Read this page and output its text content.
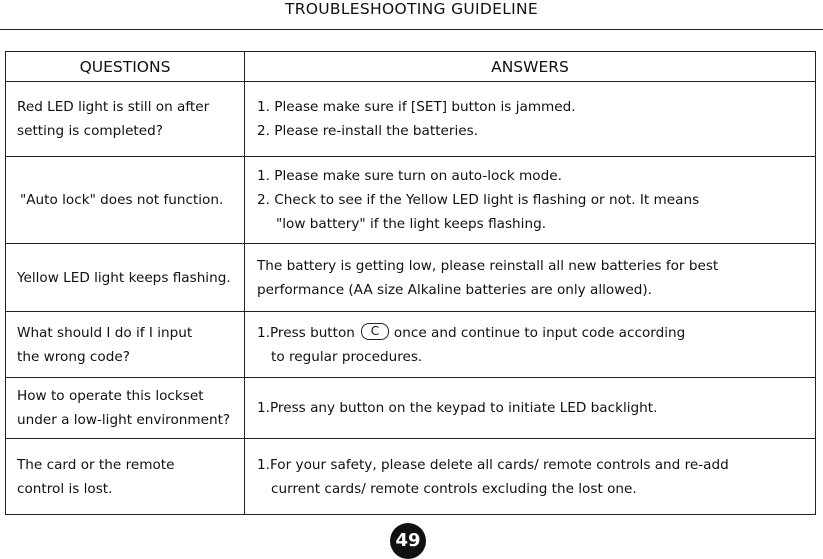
TROUBLESHOOTING GUIDELINE
QUESTIONS	ANSWERS
Red LED light is still on after
setting is completed?	1. Please make sure if [SET] button is jammed.
2. Please re-install the batteries.
"Auto lock" does not function.	1. Please make sure turn on auto-lock mode.
2. Check to see if the Yellow LED light is flashing or not. It means
"low battery" if the light keeps flashing.

Yellow LED light keeps flashing.	The battery is getting low, please reinstall all new batteries for best
performance (AA size Alkaline batteries are only allowed).
What should I do if I input
the wrong code?	1.Press button C once and continue to input code according
to regular procedures.

How to operate this lockset
under a low-light environment?	1.Press any button on the keypad to initiate LED backlight.
The card or the remote
control is lost.	1.For your safety, please delete all cards/ remote controls and re-add
current cards/ remote controls excluding the lost one.
49
